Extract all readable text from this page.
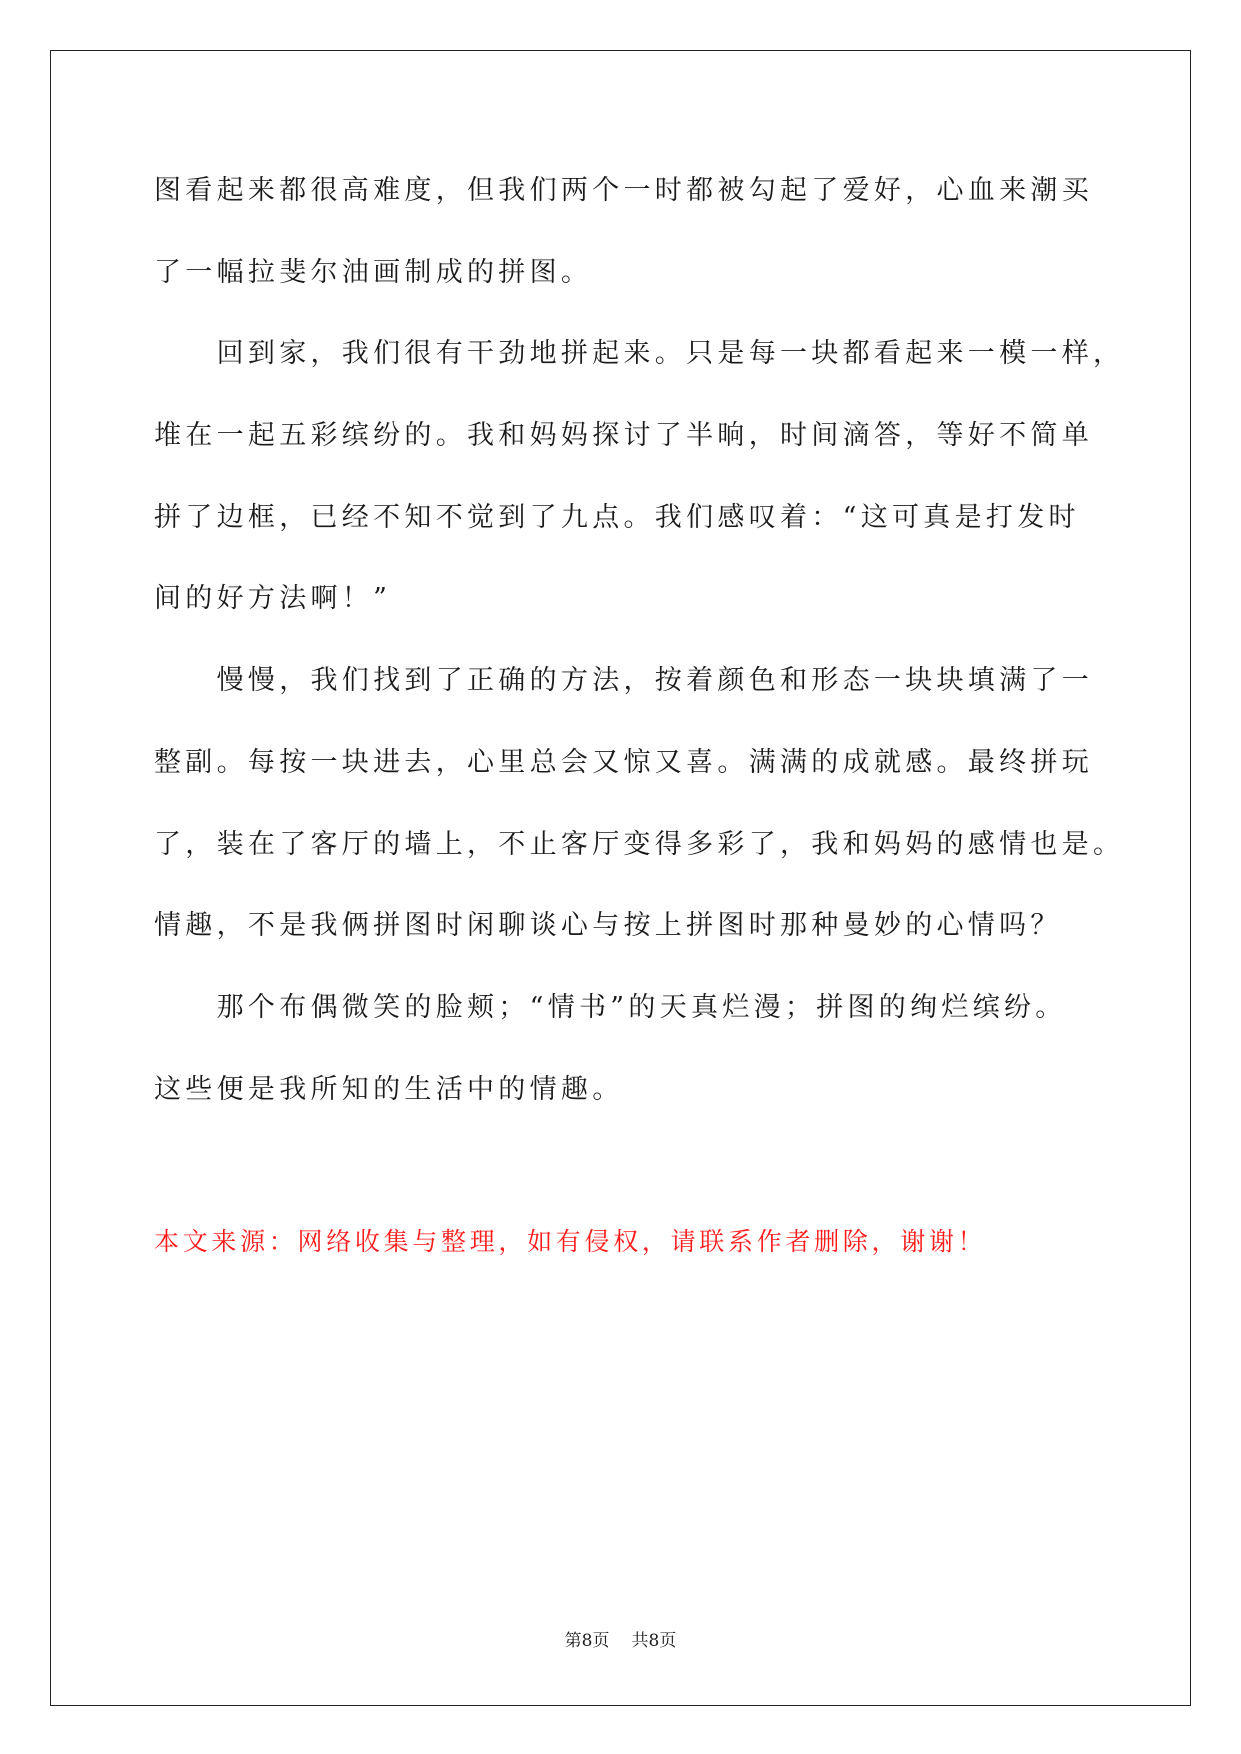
图看起来都很高难度，但我们两个一时都被勾起了爱好，心血来潮买
了一幅拉斐尔油画制成的拼图。
回到家，我们很有干劲地拼起来。只是每一块都看起来一模一样，
堆在一起五彩缤纷的。我和妈妈探讨了半晌，时间滴答，等好不简单
拼了边框，已经不知不觉到了九点。我们感叹着：“这可真是打发时
间的好方法啊！”
慢慢，我们找到了正确的方法，按着颜色和形态一块块填满了一
整副。每按一块进去，心里总会又惊又喜。满满的成就感。最终拼玩
了，装在了客厅的墙上，不止客厅变得多彩了，我和妈妈的感情也是。
情趣，不是我俩拼图时闲聊谈心与按上拼图时那种曼妙的心情吗？
那个布偶微笑的脸颊；“情书”的天真烂漫；拼图的绚烂缤纷。
这些便是我所知的生活中的情趣。
本文来源：网络收集与整理，如有侵权，请联系作者删除，谢谢！
第8页 共8页
